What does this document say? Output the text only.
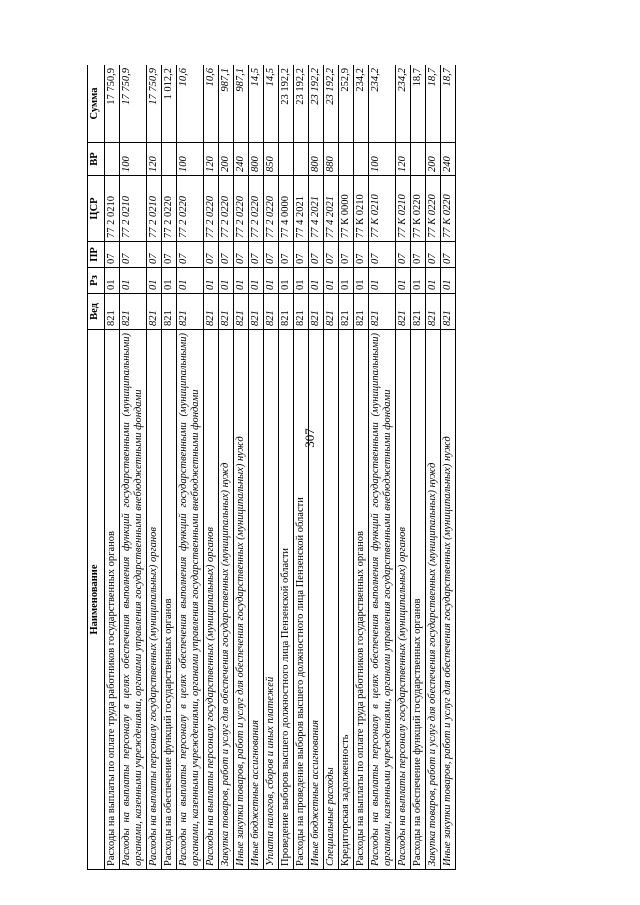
307
Наименование	Вед	Рз	ПР	ЦСР	ВР	Сумма
Расходы на выплаты по оплате труда работников государственных органов	821	01	07	77 2 0210		17 750,9
Расходы на выплаты персоналу в целях обеспечения выполнения функций государственными (муниципальными) органами, казенными учреждениями, органами управления государственными внебюджетными фондами	821	01	07	77 2 0210	100	17 750,9
Расходы на выплаты персоналу государственных (муниципальных) органов	821	01	07	77 2 0210	120	17 750,9
Расходы на обеспечение функций государственных органов	821	01	07	77 2 0220		1 012,2
Расходы на выплаты персоналу в целях обеспечения выполнения функций государственными (муниципальными) органами, казенными учреждениями, органами управления государственными внебюджетными фондами	821	01	07	77 2 0220	100	10,6
Расходы на выплаты персоналу государственных (муниципальных) органов	821	01	07	77 2 0220	120	10,6
Закупка товаров, работ и услуг для обеспечения государственных (муниципальных) нужд	821	01	07	77 2 0220	200	987,1
Иные закупки товаров, работ и услуг для обеспечения государственных (муниципальных) нужд	821	01	07	77 2 0220	240	987,1
Иные бюджетные ассигнования	821	01	07	77 2 0220	800	14,5
Уплата налогов, сборов и иных платежей	821	01	07	77 2 0220	850	14,5
Проведение выборов высшего должностного лица Пензенской области	821	01	07	77 4 0000		23 192,2
Расходы на проведение выборов высшего должностного лица Пензенской области	821	01	07	77 4 2021		23 192,2
Иные бюджетные ассигнования	821	01	07	77 4 2021	800	23 192,2
Специальные расходы	821	01	07	77 4 2021	880	23 192,2
Кредиторская задолженность	821	01	07	77 К 0000		252,9
Расходы на выплаты по оплате труда работников государственных органов	821	01	07	77 К 0210		234,2
Расходы на выплаты персоналу в целях обеспечения выполнения функций государственными (муниципальными) органами, казенными учреждениями, органами управления государственными внебюджетными фондами	821	01	07	77 К 0210	100	234,2
Расходы на выплаты персоналу государственных (муниципальных) органов	821	01	07	77 К 0210	120	234,2
Расходы на обеспечение функций государственных органов	821	01	07	77 К 0220		18,7
Закупка товаров, работ и услуг для обеспечения государственных (муниципальных) нужд	821	01	07	77 К 0220	200	18,7
Иные закупки товаров, работ и услуг для обеспечения государственных (муниципальных) нужд	821	01	07	77 К 0220	240	18,7
